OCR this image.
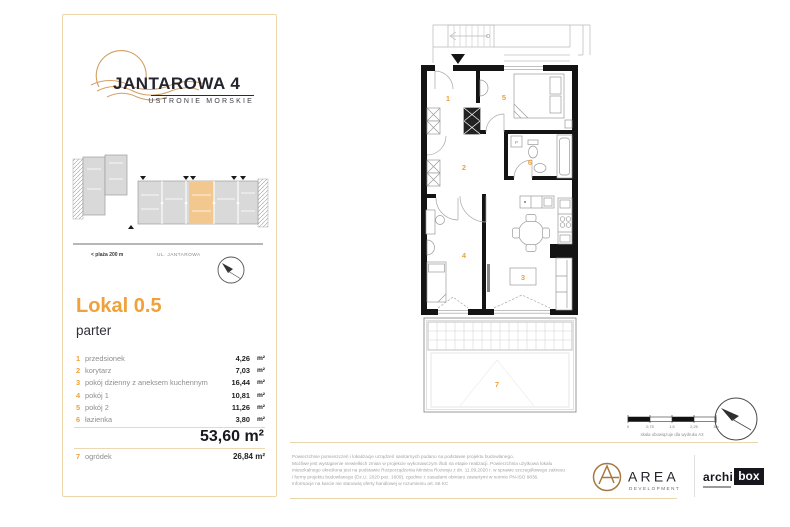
JANTAROWA 4
USTRONIE MORSKIE
< plaża 200 m	UL. JANTAROWA
Lokal 0.5
parter
1 przedsionek	4,26	m²
2 korytarz	7,03	m²
3 pokój dzienny z aneksem kuchennym	16,44	m²
4 pokój 1	10,81	m²
5 pokój 2	11,26	m²
6 łazienka	3,80	m²
53,60 m²
7 ogródek	26,84 m²
1
2
3
4
5
6
7
P
0	0,75	1,5	2,25	3m
skala obowiązuje dla wydruku A3
Powierzchnie pomieszczeń i lokalizacje urządzeń sanitarnych podano na podstawie projektu budowlanego.
Możliwe jest wystąpienie niewielkich zmian w projekcie wykonawczym i/lub na etapie realizacji. Powierzchnia użytkowa lokalu
mieszkalnego określona jest na podstawie Rozporządzenia Ministra Rozwoju z dn. 11.09.2020 r. w sprawie szczegółowego zakresu
i formy projektu budowlanego (Dz.U. 2020 poz. 1609), zgodnie z zasadami obmiaru zawartymi w normie PN-ISO 9836.
Informacje na karcie nie stanowią oferty handlowej w rozumieniu art. 66 KC	AREA
DEVELOPMENT
archi box
